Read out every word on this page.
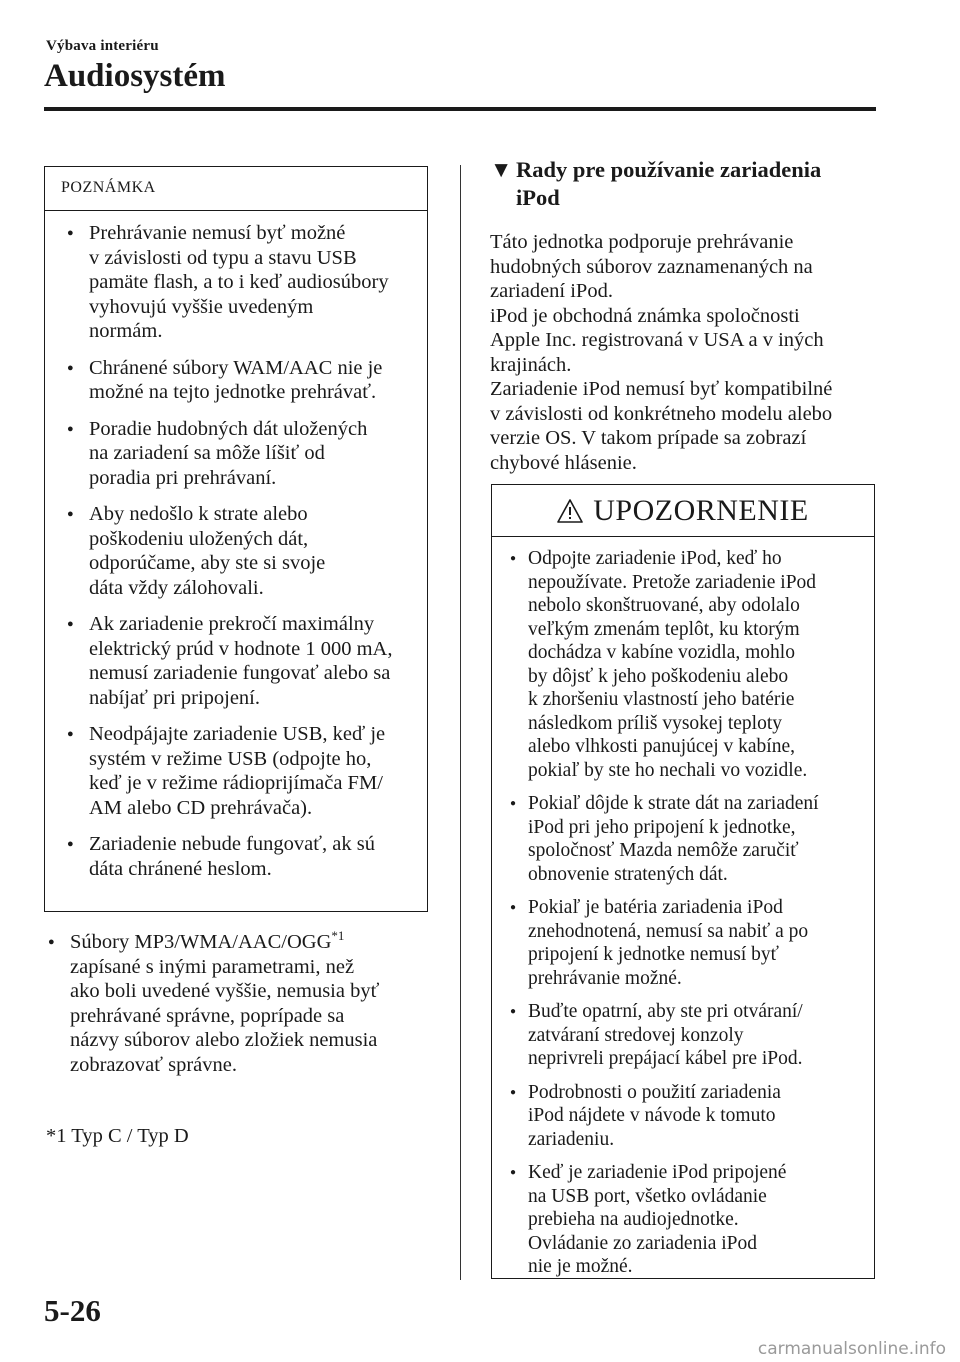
Výbava interiéru
Audiosystém
POZNÁMKA
● Prehrávanie nemusí byť možné
v závislosti od typu a stavu USB
pamäte flash, a to i keď audiosúbory
vyhovujú vyššie uvedeným
normám.
● Chránené súbory WAM/AAC nie je
možné na tejto jednotke prehrávať.
● Poradie hudobných dát uložených
na zariadení sa môže líšiť od
poradia pri prehrávaní.
● Aby nedošlo k strate alebo
poškodeniu uložených dát,
odporúčame, aby ste si svoje
dáta vždy zálohovali.
● Ak zariadenie prekročí maximálny
elektrický prúd v hodnote 1 000 mA,
nemusí zariadenie fungovať alebo sa
nabíjať pri pripojení.
● Neodpájajte zariadenie USB, keď je
systém v režime USB (odpojte ho,
keď je v režime rádioprijímača FM/
AM alebo CD prehrávača).
● Zariadenie nebude fungovať, ak sú
dáta chránené heslom.
● Súbory MP3/WMA/AAC/OGG$^{*1}$
zapísané s inými parametrami, než
ako boli uvedené vyššie, nemusia byť
prehrávané správne, poprípade sa
názvy súborov alebo zložiek nemusia
zobrazovať správne.
*1 Typ C / Typ D
▼ Rady pre používanie zariadenia
iPod

Táto jednotka podporuje prehrávanie
hudobných súborov zaznamenaných na
zariadení iPod.
iPod je obchodná známka spoločnosti
Apple Inc. registrovaná v USA a v iných
krajinách.
Zariadenie iPod nemusí byť kompatibilné
v závislosti od konkrétneho modelu alebo
verzie OS. V takom prípade sa zobrazí
chybové hlásenie.

UPOZORNENIE
● Odpojte zariadenie iPod, keď ho
nepoužívate. Pretože zariadenie iPod
nebolo skonštruované, aby odolalo
veľkým zmenám teplôt, ku ktorým
dochádza v kabíne vozidla, mohlo
by dôjsť k jeho poškodeniu alebo
k zhoršeniu vlastností jeho batérie
následkom príliš vysokej teploty
alebo vlhkosti panujúcej v kabíne,
pokiaľ by ste ho nechali vo vozidle.
● Pokiaľ dôjde k strate dát na zariadení
iPod pri jeho pripojení k jednotke,
spoločnosť Mazda nemôže zaručiť
obnovenie stratených dát.
● Pokiaľ je batéria zariadenia iPod
znehodnotená, nemusí sa nabiť a po
pripojení k jednotke nemusí byť
prehrávanie možné.
● Buďte opatrní, aby ste pri otváraní/
zatváraní stredovej konzoly
neprivreli prepájací kábel pre iPod.
● Podrobnosti o použití zariadenia
iPod nájdete v návode k tomuto
zariadeniu.
● Keď je zariadenie iPod pripojené
na USB port, všetko ovládanie
prebieha na audiojednotke.
Ovládanie zo zariadenia iPod
nie je možné.
5-26
carmanualsonline.info
